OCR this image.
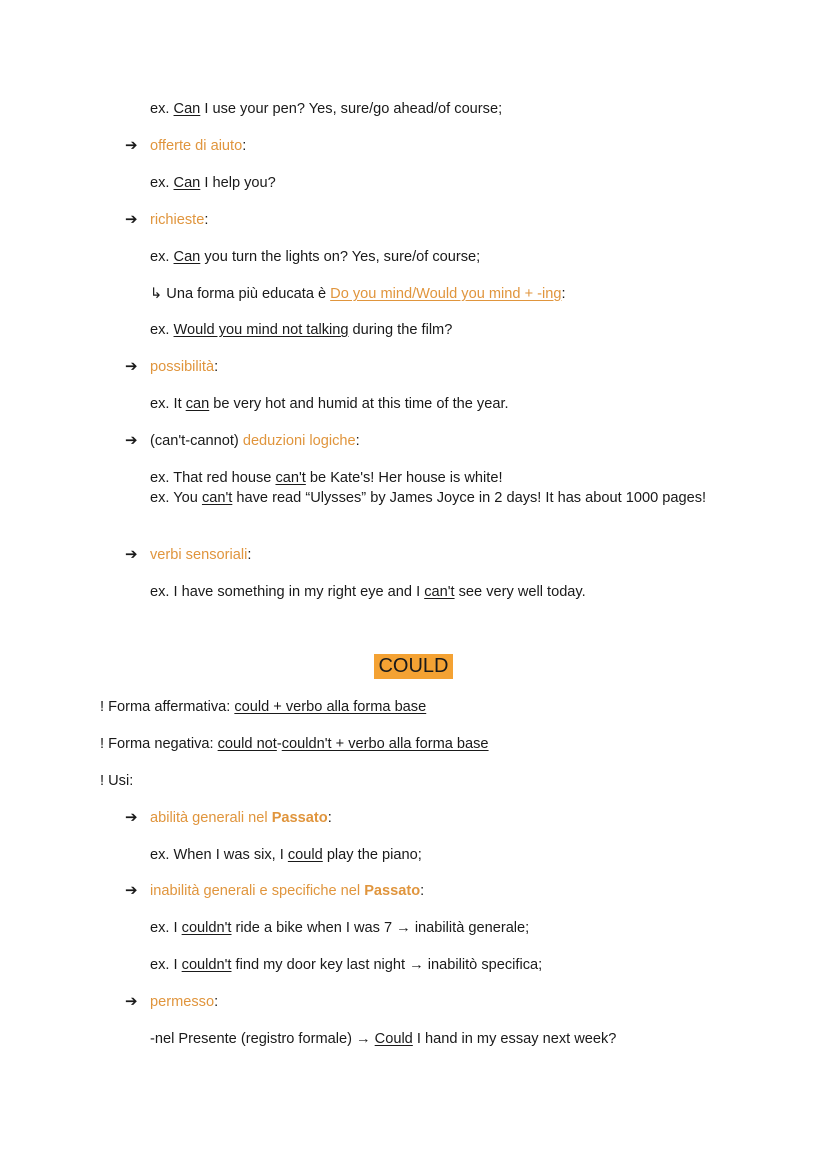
ex. Can I use your pen? Yes, sure/go ahead/of course;
➔ offerte di aiuto:
ex. Can I help you?
➔ richieste:
ex. Can you turn the lights on? Yes, sure/of course;
↳ Una forma più educata è Do you mind/Would you mind + -ing:
ex. Would you mind not talking during the film?
➔ possibilità:
ex. It can be very hot and humid at this time of the year.
➔ (can't-cannot) deduzioni logiche:
ex. That red house can't be Kate's! Her house is white!
ex. You can't have read “Ulysses” by James Joyce in 2 days! It has about 1000 pages!
➔ verbi sensoriali:
ex. I have something in my right eye and I can't see very well today.
COULD
! Forma affermativa: could + verbo alla forma base
! Forma negativa: could not-couldn't + verbo alla forma base
! Usi:
➔ abilità generali nel Passato:
ex. When I was six, I could play the piano;
➔ inabilità generali e specifiche nel Passato:
ex. I couldn't ride a bike when I was 7 → inabilità generale;
ex. I couldn't find my door key last night → inabilitò specifica;
➔ permesso:
-nel Presente (registro formale) → Could I hand in my essay next week?
